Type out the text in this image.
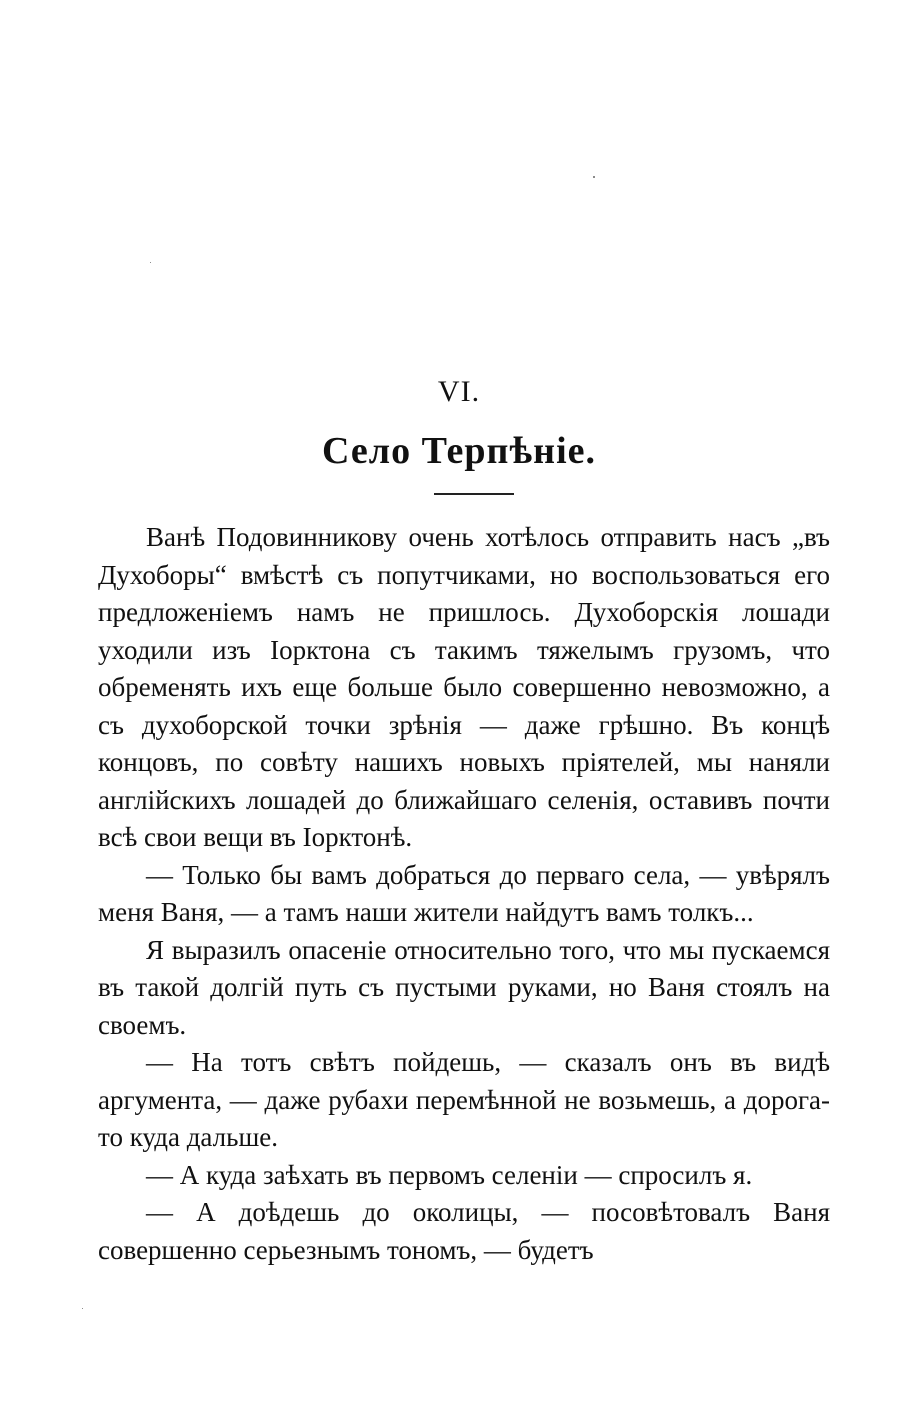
VI.
Село Терпѣніе.

Ванѣ Подовинникову очень хотѣлось отправить насъ „въ Духоборы“ вмѣстѣ съ попутчиками, но воспользоваться его предложеніемъ намъ не пришлось. Духоборскія лошади уходили изъ Іорктона съ такимъ тяжелымъ грузомъ, что обременять ихъ еще больше было совершенно невозможно, а съ духоборской точки зрѣнія — даже грѣшно. Въ концѣ концовъ, по совѣту нашихъ новыхъ пріятелей, мы наняли англійскихъ лошадей до ближайшаго селенія, оставивъ почти всѣ свои вещи въ Іорктонѣ.

— Только бы вамъ добраться до перваго села, — увѣрялъ меня Ваня, — а тамъ наши жители найдутъ вамъ толкъ...

Я выразилъ опасеніе относительно того, что мы пускаемся въ такой долгій путь съ пустыми руками, но Ваня стоялъ на своемъ.

— На тотъ свѣтъ пойдешь, — сказалъ онъ въ видѣ аргумента, — даже рубахи перемѣнной не возьмешь, а дорога-то куда дальше.

— А куда заѣхать въ первомъ селеніи — спросилъ я.

— А доѣдешь до околицы, — посовѣтовалъ Ваня совершенно серьезнымъ тономъ, — будетъ
